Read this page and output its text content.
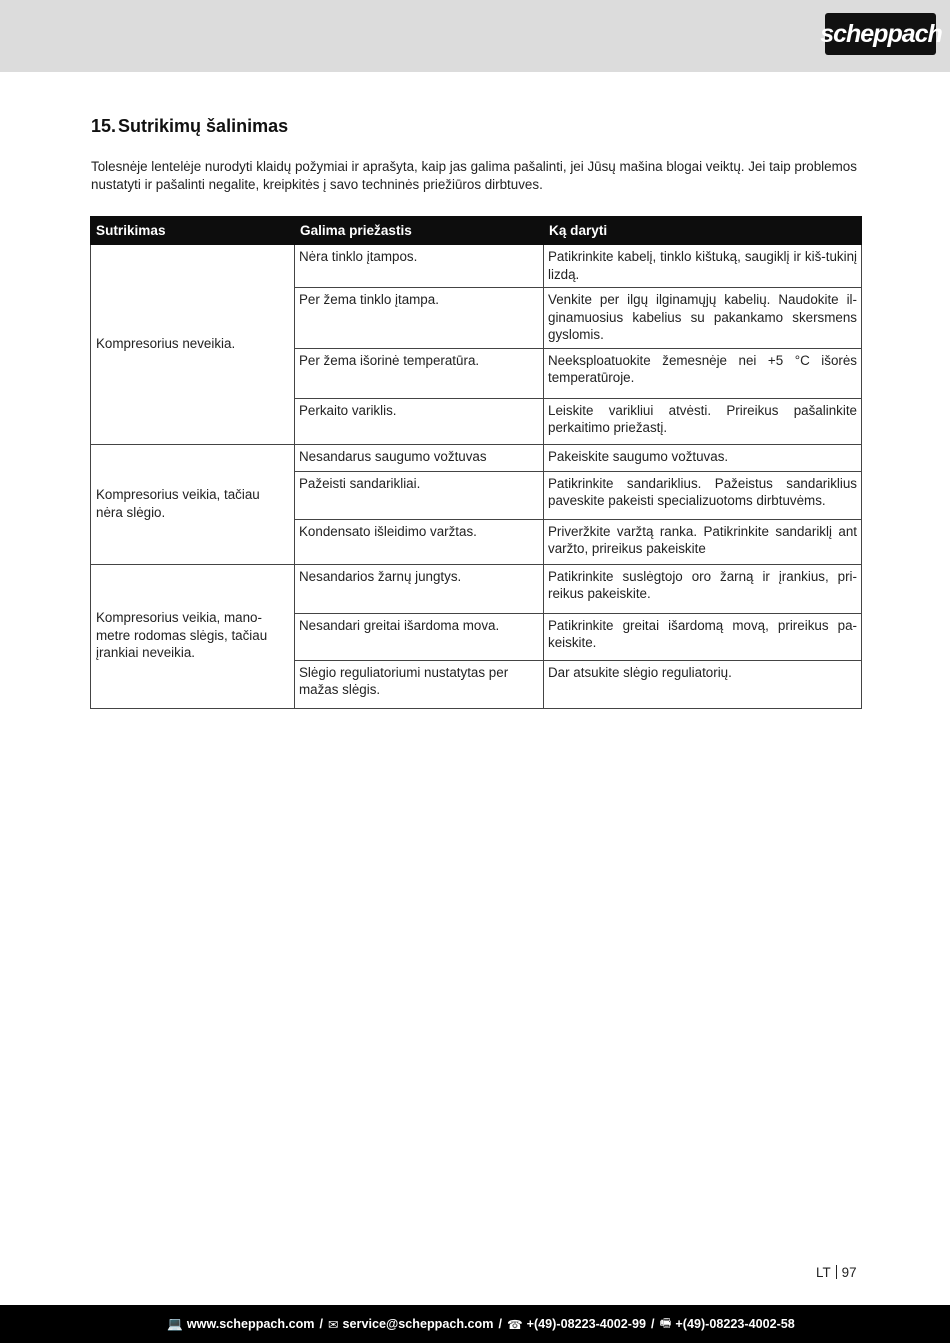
scheppach
15. Sutrikimų šalinimas

Tolesnėje lentelėje nurodyti klaidų požymiai ir aprašyta, kaip jas galima pašalinti, jei Jūsų mašina blogai veiktų. Jei taip problemos nustatyti ir pašalinti negalite, kreipkitės į savo techninės priežiūros dirbtuves.

Sutrikimas	Galima priežastis	Ką daryti
Kompresorius neveikia.	Nėra tinklo įtampos.	Patikrinkite kabelį, tinklo kištuką, saugiklį ir kiš-tukinį lizdą.
	Per žema tinklo įtampa.	Venkite per ilgų ilginamųjų kabelių. Naudokite il-ginamuosius kabelius su pakankamo skersmens gyslomis.
	Per žema išorinė temperatūra.	Neeksploatuokite žemesnėje nei +5 °C išorės temperatūroje.
	Perkaito variklis.	Leiskite varikliui atvėsti. Prireikus pašalinkite perkaitimo priežastį.
Kompresorius veikia, tačiau nėra slėgio.	Nesandarus saugumo vožtuvas	Pakeiskite saugumo vožtuvas.
	Pažeisti sandarikliai.	Patikrinkite sandariklius. Pažeistus sandariklius paveskite pakeisti specializuotoms dirbtuvėms.
	Kondensato išleidimo varžtas.	Priveržkite varžtą ranka. Patikrinkite sandariklį ant varžto, prireikus pakeiskite
Kompresorius veikia, mano-metre rodomas slėgis, tačiau įrankiai neveikia.	Nesandarios žarnų jungtys.	Patikrinkite suslėgtojo oro žarną ir įrankius, pri-reikus pakeiskite.
	Nesandari greitai išardoma mova.	Patikrinkite greitai išardomą movą, prireikus pa-keiskite.
	Slėgio reguliatoriumi nustatytas per mažas slėgis.	Dar atsukite slėgio reguliatorių.
LT 97
💻 www.scheppach.com / ✉ service@scheppach.com / ☎ +(49)-08223-4002-99 / 🖷 +(49)-08223-4002-58
